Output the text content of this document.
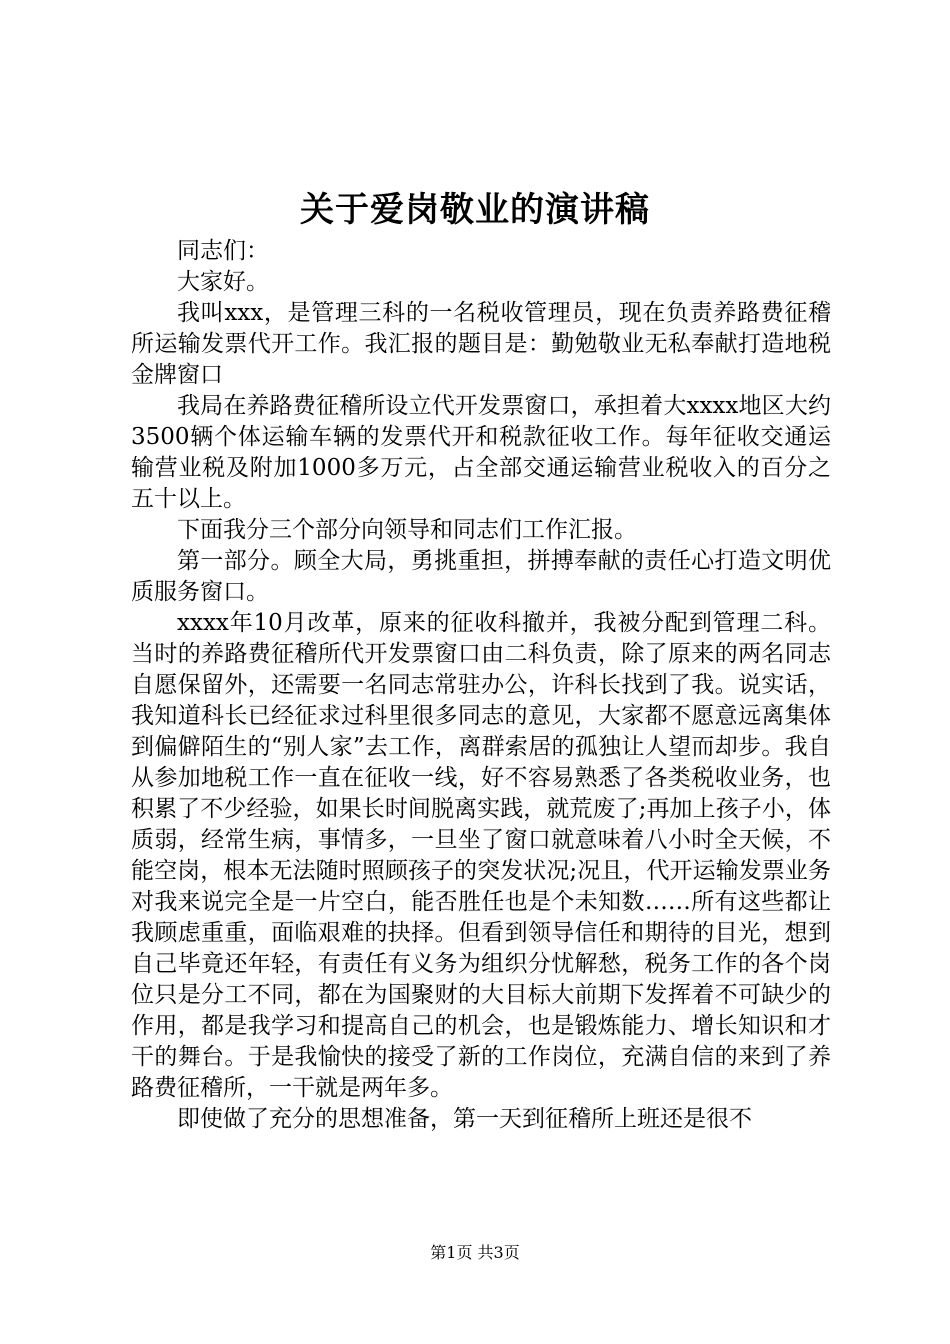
关于爱岗敬业的演讲稿

同志们：

大家好。

我叫xxx，是管理三科的一名税收管理员，现在负责养路费征稽所运输发票代开工作。我汇报的题目是：勤勉敬业无私奉献打造地税金牌窗口

我局在养路费征稽所设立代开发票窗口，承担着大xxxx地区大约3500辆个体运输车辆的发票代开和税款征收工作。每年征收交通运输营业税及附加1000多万元，占全部交通运输营业税收入的百分之五十以上。

下面我分三个部分向领导和同志们工作汇报。

第一部分。顾全大局，勇挑重担，拼搏奉献的责任心打造文明优质服务窗口。

xxxx年10月改革，原来的征收科撤并，我被分配到管理二科。当时的养路费征稽所代开发票窗口由二科负责，除了原来的两名同志自愿保留外，还需要一名同志常驻办公，许科长找到了我。说实话，我知道科长已经征求过科里很多同志的意见，大家都不愿意远离集体到偏僻陌生的“别人家”去工作，离群索居的孤独让人望而却步。我自从参加地税工作一直在征收一线，好不容易熟悉了各类税收业务，也积累了不少经验，如果长时间脱离实践，就荒废了;再加上孩子小，体质弱，经常生病，事情多，一旦坐了窗口就意味着八小时全天候，不能空岗，根本无法随时照顾孩子的突发状况;况且，代开运输发票业务对我来说完全是一片空白，能否胜任也是个未知数……所有这些都让我顾虑重重，面临艰难的抉择。但看到领导信任和期待的目光，想到自己毕竟还年轻，有责任有义务为组织分忧解愁，税务工作的各个岗位只是分工不同，都在为国聚财的大目标大前期下发挥着不可缺少的作用，都是我学习和提高自己的机会，也是锻炼能力、增长知识和才干的舞台。于是我愉快的接受了新的工作岗位，充满自信的来到了养路费征稽所，一干就是两年多。

即使做了充分的思想准备，第一天到征稽所上班还是很不

第1页 共3页
